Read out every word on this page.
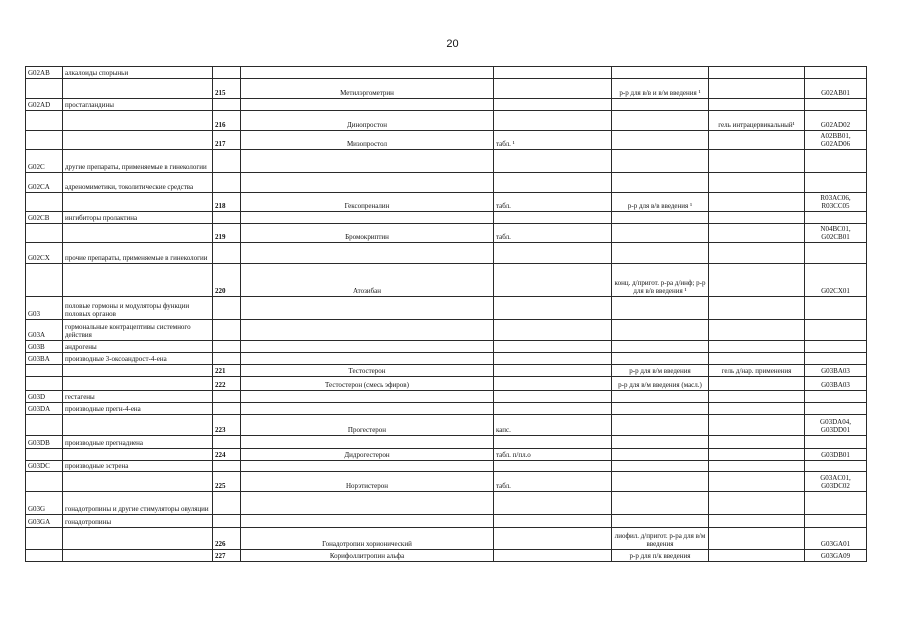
20
G02AB	алкалоиды спорыньи						
		215	Метилэргометрин		р-р для в/в и в/м введения ¹		G02AB01
G02AD	простагландины						
		216	Динопростон			гель интрацервикальный¹	G02AD02
		217	Мизопростол	табл. ¹			A02BB01, G02AD06
G02C	другие препараты, применяемые в гинекологии						
G02CA	адреномиметики, токолитические средства						
		218	Гексопреналин	табл.	р-р для в/в введения ¹		R03AC06, R03CC05
G02CB	ингибиторы пролактина						
		219	Бромокриптин	табл.			N04BC01, G02CB01
G02CX	прочие препараты, применяемые в гинекологии						
		220	Атозибан		конц. д/пригот. р-ра д/инф; р-р для в/в введения ¹		G02CX01
G03	половые гормоны и модуляторы функции половых органов						
G03A	гормональные контрацептивы системного действия						
G03B	андрогены						
G03BA	производные 3-оксоандрост-4-ена						
		221	Тестостерон		р-р для в/м введения	гель д/нар. применения	G03BA03
		222	Тестостерон (смесь эфиров)		р-р для в/м введения (масл.)		G03BA03
G03D	гестагены						
G03DA	производные прегн-4-ена						
		223	Прогестерон	капс.			G03DA04, G03DD01
G03DB	производные прегнадиена						
		224	Дидрогестерон	табл. п/пл.о			G03DB01
G03DC	производные эстрена						
		225	Норэтистерон	табл.			G03AC01, G03DC02
G03G	гонадотропины и другие стимуляторы овуляции						
G03GA	гонадотропины						
		226	Гонадотропин хорионический		лиофил. д/пригот. р-ра для в/м введения		G03GA01
		227	Корифоллитропин альфа		р-р для п/к введения		G03GA09
